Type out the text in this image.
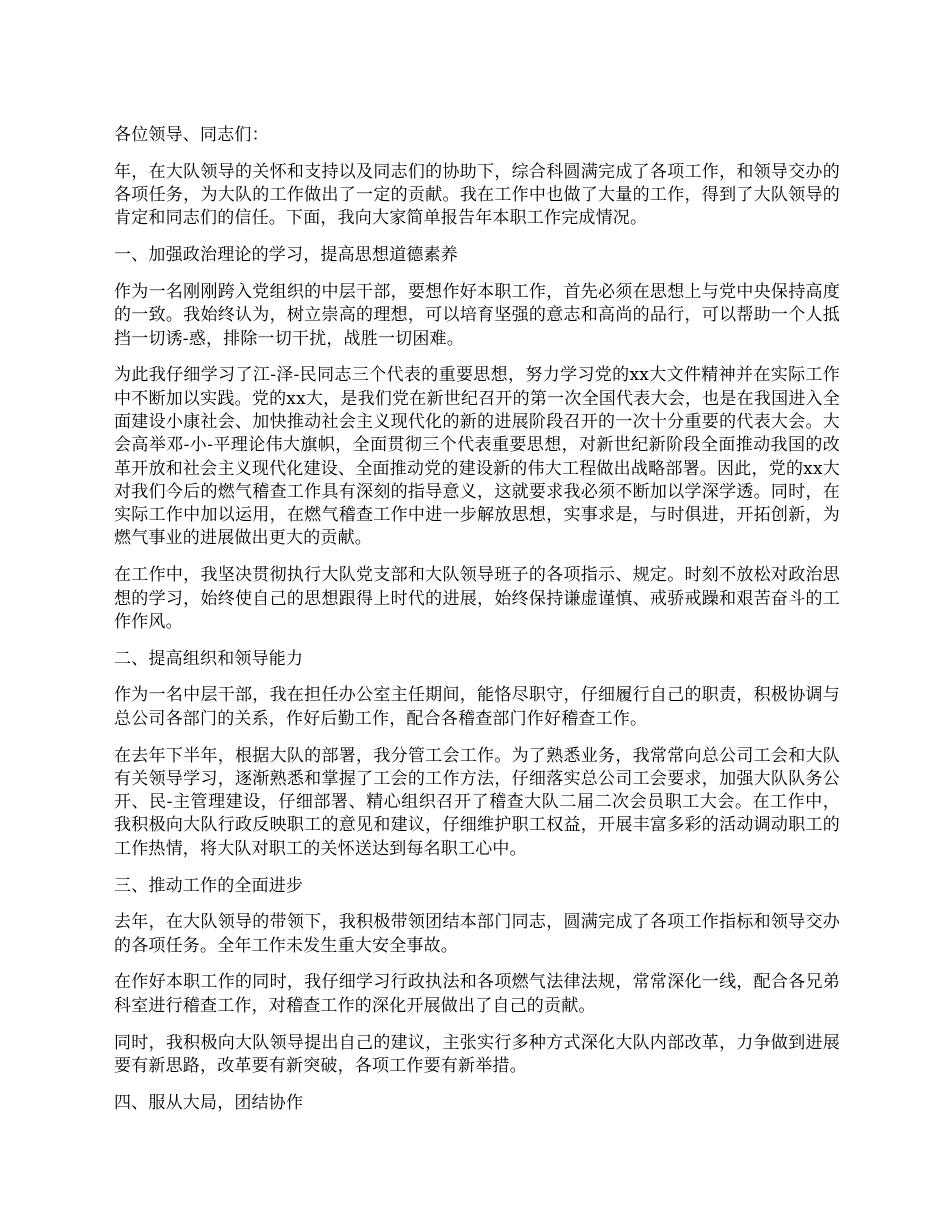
各位领导、同志们：

年，在大队领导的关怀和支持以及同志们的协助下，综合科圆满完成了各项工作，和领导交办的各项任务，为大队的工作做出了一定的贡献。我在工作中也做了大量的工作，得到了大队领导的肯定和同志们的信任。下面，我向大家简单报告年本职工作完成情况。

一、加强政治理论的学习，提高思想道德素养

作为一名刚刚跨入党组织的中层干部，要想作好本职工作，首先必须在思想上与党中央保持高度的一致。我始终认为，树立崇高的理想，可以培育坚强的意志和高尚的品行，可以帮助一个人抵挡一切诱-惑，排除一切干扰，战胜一切困难。

为此我仔细学习了江-泽-民同志三个代表的重要思想，努力学习党的xx大文件精神并在实际工作中不断加以实践。党的xx大，是我们党在新世纪召开的第一次全国代表大会，也是在我国进入全面建设小康社会、加快推动社会主义现代化的新的进展阶段召开的一次十分重要的代表大会。大会高举邓-小-平理论伟大旗帜，全面贯彻三个代表重要思想，对新世纪新阶段全面推动我国的改革开放和社会主义现代化建设、全面推动党的建设新的伟大工程做出战略部署。因此，党的xx大对我们今后的燃气稽查工作具有深刻的指导意义，这就要求我必须不断加以学深学透。同时，在实际工作中加以运用，在燃气稽查工作中进一步解放思想，实事求是，与时俱进，开拓创新，为燃气事业的进展做出更大的贡献。

在工作中，我坚决贯彻执行大队党支部和大队领导班子的各项指示、规定。时刻不放松对政治思想的学习，始终使自己的思想跟得上时代的进展，始终保持谦虚谨慎、戒骄戒躁和艰苦奋斗的工作作风。

二、提高组织和领导能力

作为一名中层干部，我在担任办公室主任期间，能恪尽职守，仔细履行自己的职责，积极协调与总公司各部门的关系，作好后勤工作，配合各稽查部门作好稽查工作。

在去年下半年，根据大队的部署，我分管工会工作。为了熟悉业务，我常常向总公司工会和大队有关领导学习，逐渐熟悉和掌握了工会的工作方法，仔细落实总公司工会要求，加强大队队务公开、民-主管理建设，仔细部署、精心组织召开了稽查大队二届二次会员职工大会。在工作中，我积极向大队行政反映职工的意见和建议，仔细维护职工权益，开展丰富多彩的活动调动职工的工作热情，将大队对职工的关怀送达到每名职工心中。

三、推动工作的全面进步

去年，在大队领导的带领下，我积极带领团结本部门同志，圆满完成了各项工作指标和领导交办的各项任务。全年工作未发生重大安全事故。

在作好本职工作的同时，我仔细学习行政执法和各项燃气法律法规，常常深化一线，配合各兄弟科室进行稽查工作，对稽查工作的深化开展做出了自己的贡献。

同时，我积极向大队领导提出自己的建议，主张实行多种方式深化大队内部改革，力争做到进展要有新思路，改革要有新突破，各项工作要有新举措。

四、服从大局，团结协作
